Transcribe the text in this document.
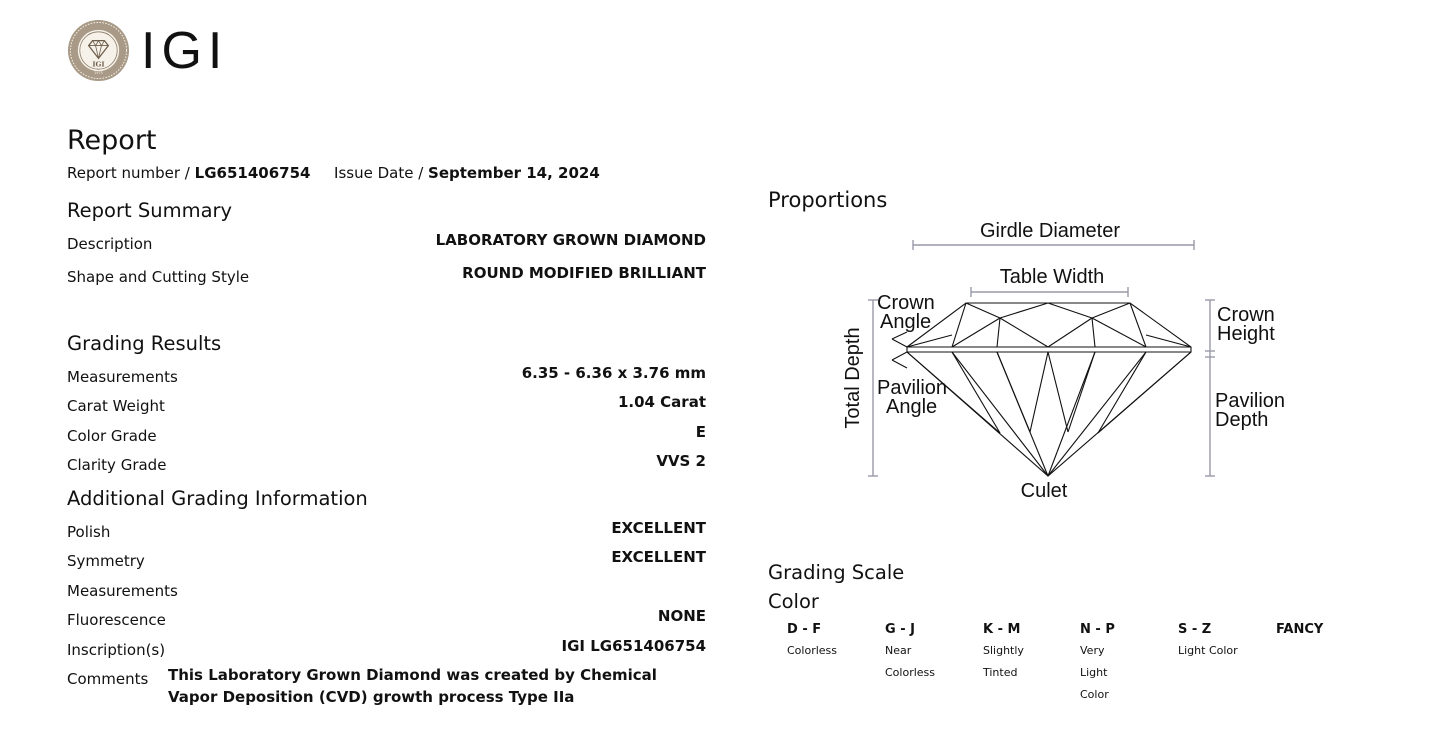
IGI
1975 IGI
Report
Report number / LG651406754 Issue Date / September 14, 2024
Report Summary
Description	LABORATORY GROWN DIAMOND
Shape and Cutting Style	ROUND MODIFIED BRILLIANT
Grading Results
Measurements	6.35 - 6.36 x 3.76 mm
Carat Weight	1.04 Carat
Color Grade	E
Clarity Grade	VVS 2
Additional Grading Information
Polish	EXCELLENT
Symmetry	EXCELLENT
Measurements
Fluorescence	NONE
Inscription(s)	IGI LG651406754
Comments This Laboratory Grown Diamond was created by Chemical Vapor Deposition (CVD) growth process Type IIa
Proportions
Girdle Diameter
Table Width
Crown
Angle	Crown
Height
Pavilion
Angle	Pavilion
Depth
Culet
Total Depth
Grading Scale
Color
D - F
Colorless
G - J
Near Colorless
K - M
Slightly Tinted
N - P
Very Light Color
S - Z
Light Color
FANCY
